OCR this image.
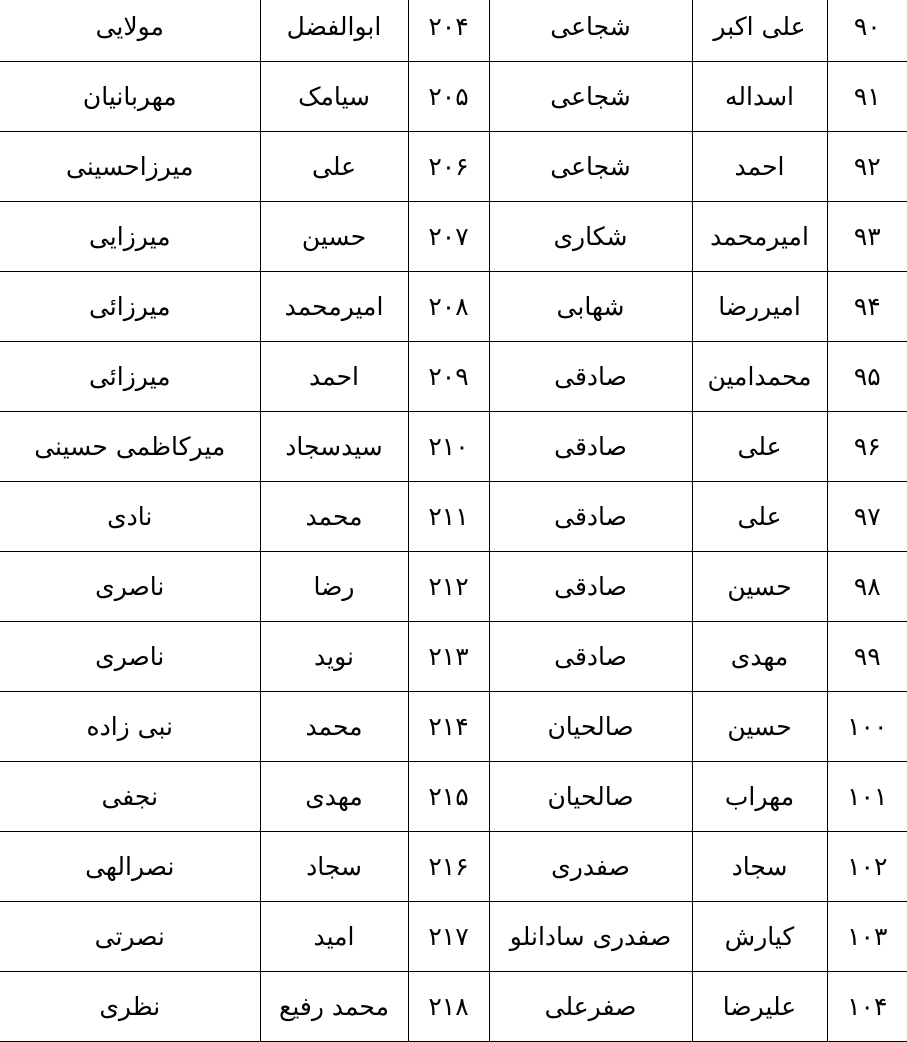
۹۰	علی اکبر	شجاعی	۲۰۴	ابوالفضل	مولایی
۹۱	اسداله	شجاعی	۲۰۵	سیامک	مهربانیان
۹۲	احمد	شجاعی	۲۰۶	علی	میرزاحسینی
۹۳	امیرمحمد	شکاری	۲۰۷	حسین	میرزایی
۹۴	امیررضا	شهابی	۲۰۸	امیرمحمد	میرزائی
۹۵	محمدامین	صادقی	۲۰۹	احمد	میرزائی
۹۶	علی	صادقی	۲۱۰	سیدسجاد	میرکاظمی حسینی
۹۷	علی	صادقی	۲۱۱	محمد	نادی
۹۸	حسین	صادقی	۲۱۲	رضا	ناصری
۹۹	مهدی	صادقی	۲۱۳	نوید	ناصری
۱۰۰	حسین	صالحیان	۲۱۴	محمد	نبی زاده
۱۰۱	مهراب	صالحیان	۲۱۵	مهدی	نجفی
۱۰۲	سجاد	صفدری	۲۱۶	سجاد	نصرالهی
۱۰۳	کیارش	صفدری سادانلو	۲۱۷	امید	نصرتی
۱۰۴	علیرضا	صفرعلی	۲۱۸	محمد رفیع	نظری
